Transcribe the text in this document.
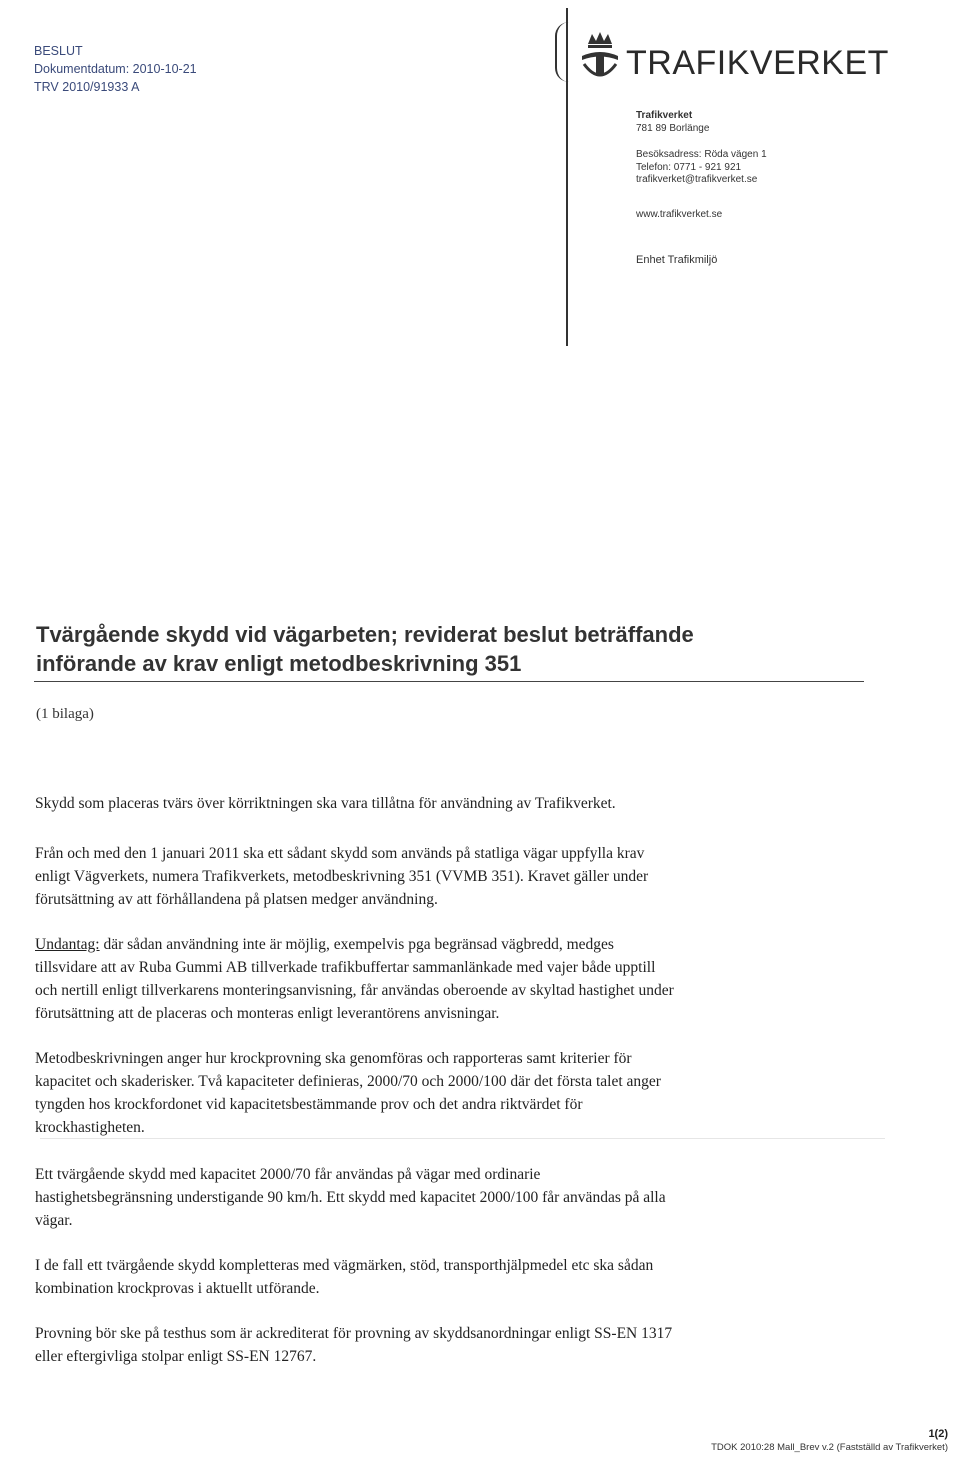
BESLUT
Dokumentdatum: 2010-10-21
TRV 2010/91933 A
TRAFIKVERKET
Trafikverket
781 89 Borlänge
Besöksadress: Röda vägen 1
Telefon: 0771 - 921 921
trafikverket@trafikverket.se
www.trafikverket.se
Enhet Trafikmiljö
Tvärgående skydd vid vägarbeten; reviderat beslut beträffande
införande av krav enligt metodbeskrivning 351
(1 bilaga)
Skydd som placeras tvärs över körriktningen ska vara tillåtna för användning av Trafikverket.
Från och med den 1 januari 2011 ska ett sådant skydd som används på statliga vägar uppfylla krav
enligt Vägverkets, numera Trafikverkets, metodbeskrivning 351 (VVMB 351). Kravet gäller under
förutsättning av att förhållandena på platsen medger användning.
Undantag: där sådan användning inte är möjlig, exempelvis pga begränsad vägbredd, medges
tillsvidare att av Ruba Gummi AB tillverkade trafikbuffertar sammanlänkade med vajer både upptill
och nertill enligt tillverkarens monteringsanvisning, får användas oberoende av skyltad hastighet under
förutsättning att de placeras och monteras enligt leverantörens anvisningar.
Metodbeskrivningen anger hur krockprovning ska genomföras och rapporteras samt kriterier för
kapacitet och skaderisker. Två kapaciteter definieras, 2000/70 och 2000/100 där det första talet anger
tyngden hos krockfordonet vid kapacitetsbestämmande prov och det andra riktvärdet för
krockhastigheten.
Ett tvärgående skydd med kapacitet 2000/70 får användas på vägar med ordinarie
hastighetsbegränsning understigande 90 km/h. Ett skydd med kapacitet 2000/100 får användas på alla
vägar.
I de fall ett tvärgående skydd kompletteras med vägmärken, stöd, transporthjälpmedel etc ska sådan
kombination krockprovas i aktuellt utförande.
Provning bör ske på testhus som är ackrediterat för provning av skyddsanordningar enligt SS-EN 1317
eller eftergivliga stolpar enligt SS-EN 12767.
1(2)
TDOK 2010:28 Mall_Brev v.2 (Fastställd av Trafikverket)
